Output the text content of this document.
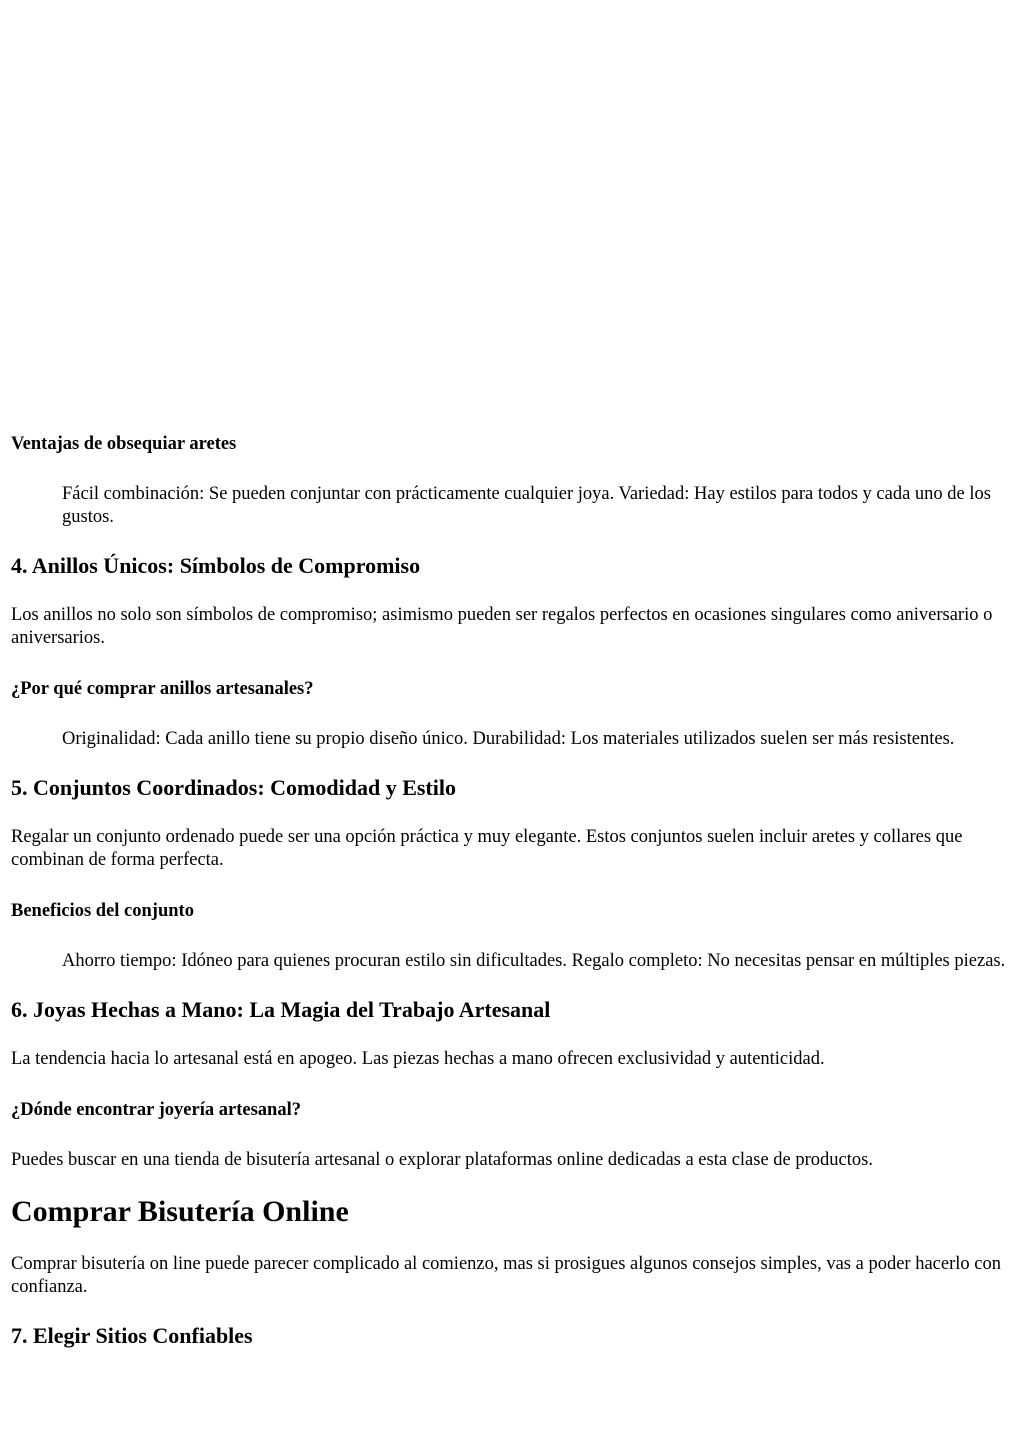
Ventajas de obsequiar aretes
Fácil combinación: Se pueden conjuntar con prácticamente cualquier joya. Variedad: Hay estilos para todos y cada uno de los gustos.
4. Anillos Únicos: Símbolos de Compromiso

Los anillos no solo son símbolos de compromiso; asimismo pueden ser regalos perfectos en ocasiones singulares como aniversario o aniversarios.

¿Por qué comprar anillos artesanales?
Originalidad: Cada anillo tiene su propio diseño único. Durabilidad: Los materiales utilizados suelen ser más resistentes.
5. Conjuntos Coordinados: Comodidad y Estilo

Regalar un conjunto ordenado puede ser una opción práctica y muy elegante. Estos conjuntos suelen incluir aretes y collares que combinan de forma perfecta.

Beneficios del conjunto
Ahorro tiempo: Idóneo para quienes procuran estilo sin dificultades. Regalo completo: No necesitas pensar en múltiples piezas.
6. Joyas Hechas a Mano: La Magia del Trabajo Artesanal

La tendencia hacia lo artesanal está en apogeo. Las piezas hechas a mano ofrecen exclusividad y autenticidad.

¿Dónde encontrar joyería artesanal?

Puedes buscar en una tienda de bisutería artesanal o explorar plataformas online dedicadas a esta clase de productos.

Comprar Bisutería Online

Comprar bisutería on line puede parecer complicado al comienzo, mas si prosigues algunos consejos simples, vas a poder hacerlo con confianza.

7. Elegir Sitios Confiables
